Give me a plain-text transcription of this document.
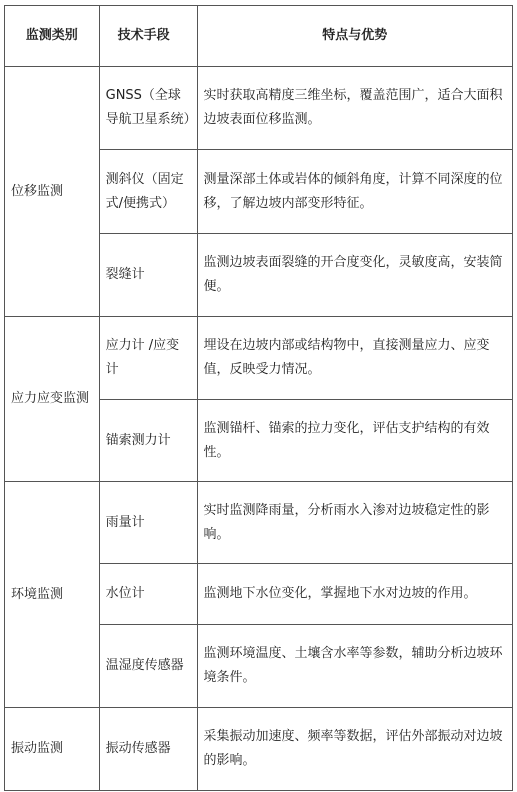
监测类别	技术手段	特点与优势
位移监测	GNSS（全球导航卫星系统）	实时获取高精度三维坐标，覆盖范围广，适合大面积边坡表面位移监测。
	测斜仪（固定式/便携式）	测量深部土体或岩体的倾斜角度，计算不同深度的位移，了解边坡内部变形特征。
	裂缝计	监测边坡表面裂缝的开合度变化，灵敏度高，安装简便。
应力应变监测	应力计 /应变计	埋设在边坡内部或结构物中，直接测量应力、应变值，反映受力情况。
	锚索测力计	监测锚杆、锚索的拉力变化，评估支护结构的有效性。
环境监测	雨量计	实时监测降雨量，分析雨水入渗对边坡稳定性的影响。
	水位计	监测地下水位变化，掌握地下水对边坡的作用。
	温湿度传感器	监测环境温度、土壤含水率等参数，辅助分析边坡环境条件。
振动监测	振动传感器	采集振动加速度、频率等数据，评估外部振动对边坡的影响。
